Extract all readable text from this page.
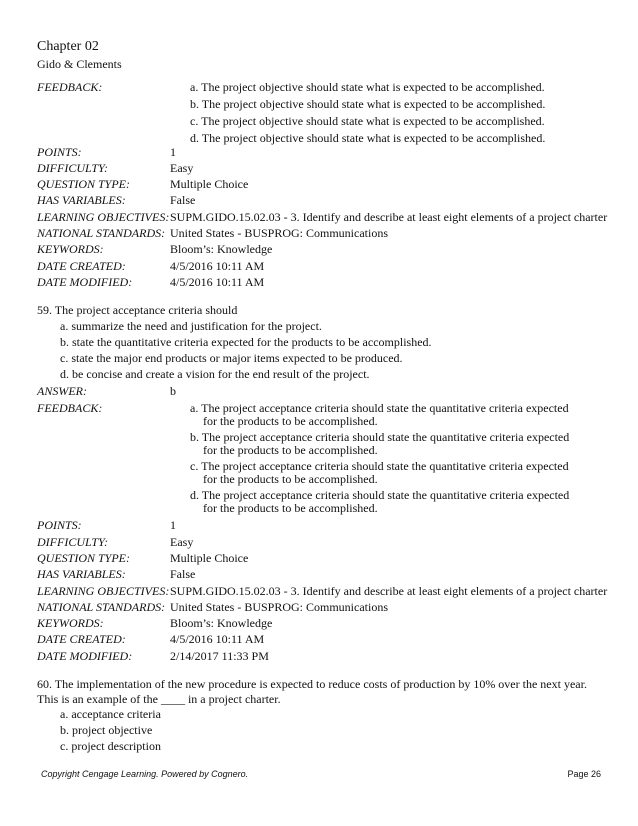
Chapter 02
Gido & Clements
FEEDBACK:	a. The project objective should state what is expected to be accomplished.
b. The project objective should state what is expected to be accomplished.
c. The project objective should state what is expected to be accomplished.
d. The project objective should state what is expected to be accomplished.
POINTS:	1
DIFFICULTY:	Easy
QUESTION TYPE:	Multiple Choice
HAS VARIABLES:	False
LEARNING OBJECTIVES: SUPM.GIDO.15.02.03 - 3. Identify and describe at least eight elements of a project charter
NATIONAL STANDARDS: United States - BUSPROG: Communications
KEYWORDS:	Bloom’s: Knowledge
DATE CREATED:	4/5/2016 10:11 AM
DATE MODIFIED:	4/5/2016 10:11 AM
59. The project acceptance criteria should
a. summarize the need and justification for the project.
b. state the quantitative criteria expected for the products to be accomplished.
c. state the major end products or major items expected to be produced.
d. be concise and create a vision for the end result of the project.
ANSWER:	b
FEEDBACK:	a. The project acceptance criteria should state the quantitative criteria expected for the products to be accomplished.
b. The project acceptance criteria should state the quantitative criteria expected for the products to be accomplished.
c. The project acceptance criteria should state the quantitative criteria expected for the products to be accomplished.
d. The project acceptance criteria should state the quantitative criteria expected for the products to be accomplished.
POINTS:	1
DIFFICULTY:	Easy
QUESTION TYPE:	Multiple Choice
HAS VARIABLES:	False
LEARNING OBJECTIVES: SUPM.GIDO.15.02.03 - 3. Identify and describe at least eight elements of a project charter
NATIONAL STANDARDS: United States - BUSPROG: Communications
KEYWORDS:	Bloom’s: Knowledge
DATE CREATED:	4/5/2016 10:11 AM
DATE MODIFIED:	2/14/2017 11:33 PM
60. The implementation of the new procedure is expected to reduce costs of production by 10% over the next year. This is an example of the ____ in a project charter.
a. acceptance criteria
b. project objective
c. project description
Copyright Cengage Learning. Powered by Cognero.	Page 26
